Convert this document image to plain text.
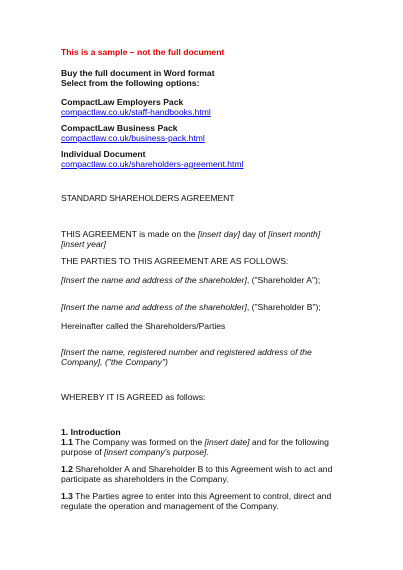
This is a sample – not the full document
Buy the full document in Word format
Select from the following options:
CompactLaw Employers Pack
compactlaw.co.uk/staff-handbooks.html
CompactLaw Business Pack
compactlaw.co.uk/business-pack.html
Individual Document
compactlaw.co.uk/shareholders-agreement.html
STANDARD SHAREHOLDERS AGREEMENT
THIS AGREEMENT is made on the [insert day] day of [insert month]
[insert year]
THE PARTIES TO THIS AGREEMENT ARE AS FOLLOWS:
[Insert the name and address of the shareholder], ("Shareholder A");
[Insert the name and address of the shareholder], ("Shareholder B");
Hereinafter called the Shareholders/Parties
[Insert the name, registered number and registered address of the
Company], ("the Company")
WHEREBY IT IS AGREED as follows:
1. Introduction
1.1 The Company was formed on the [insert date] and for the following
purpose of [insert company's purpose].
1.2 Shareholder A and Shareholder B to this Agreement wish to act and
participate as shareholders in the Company.
1.3 The Parties agree to enter into this Agreement to control, direct and
regulate the operation and management of the Company.
